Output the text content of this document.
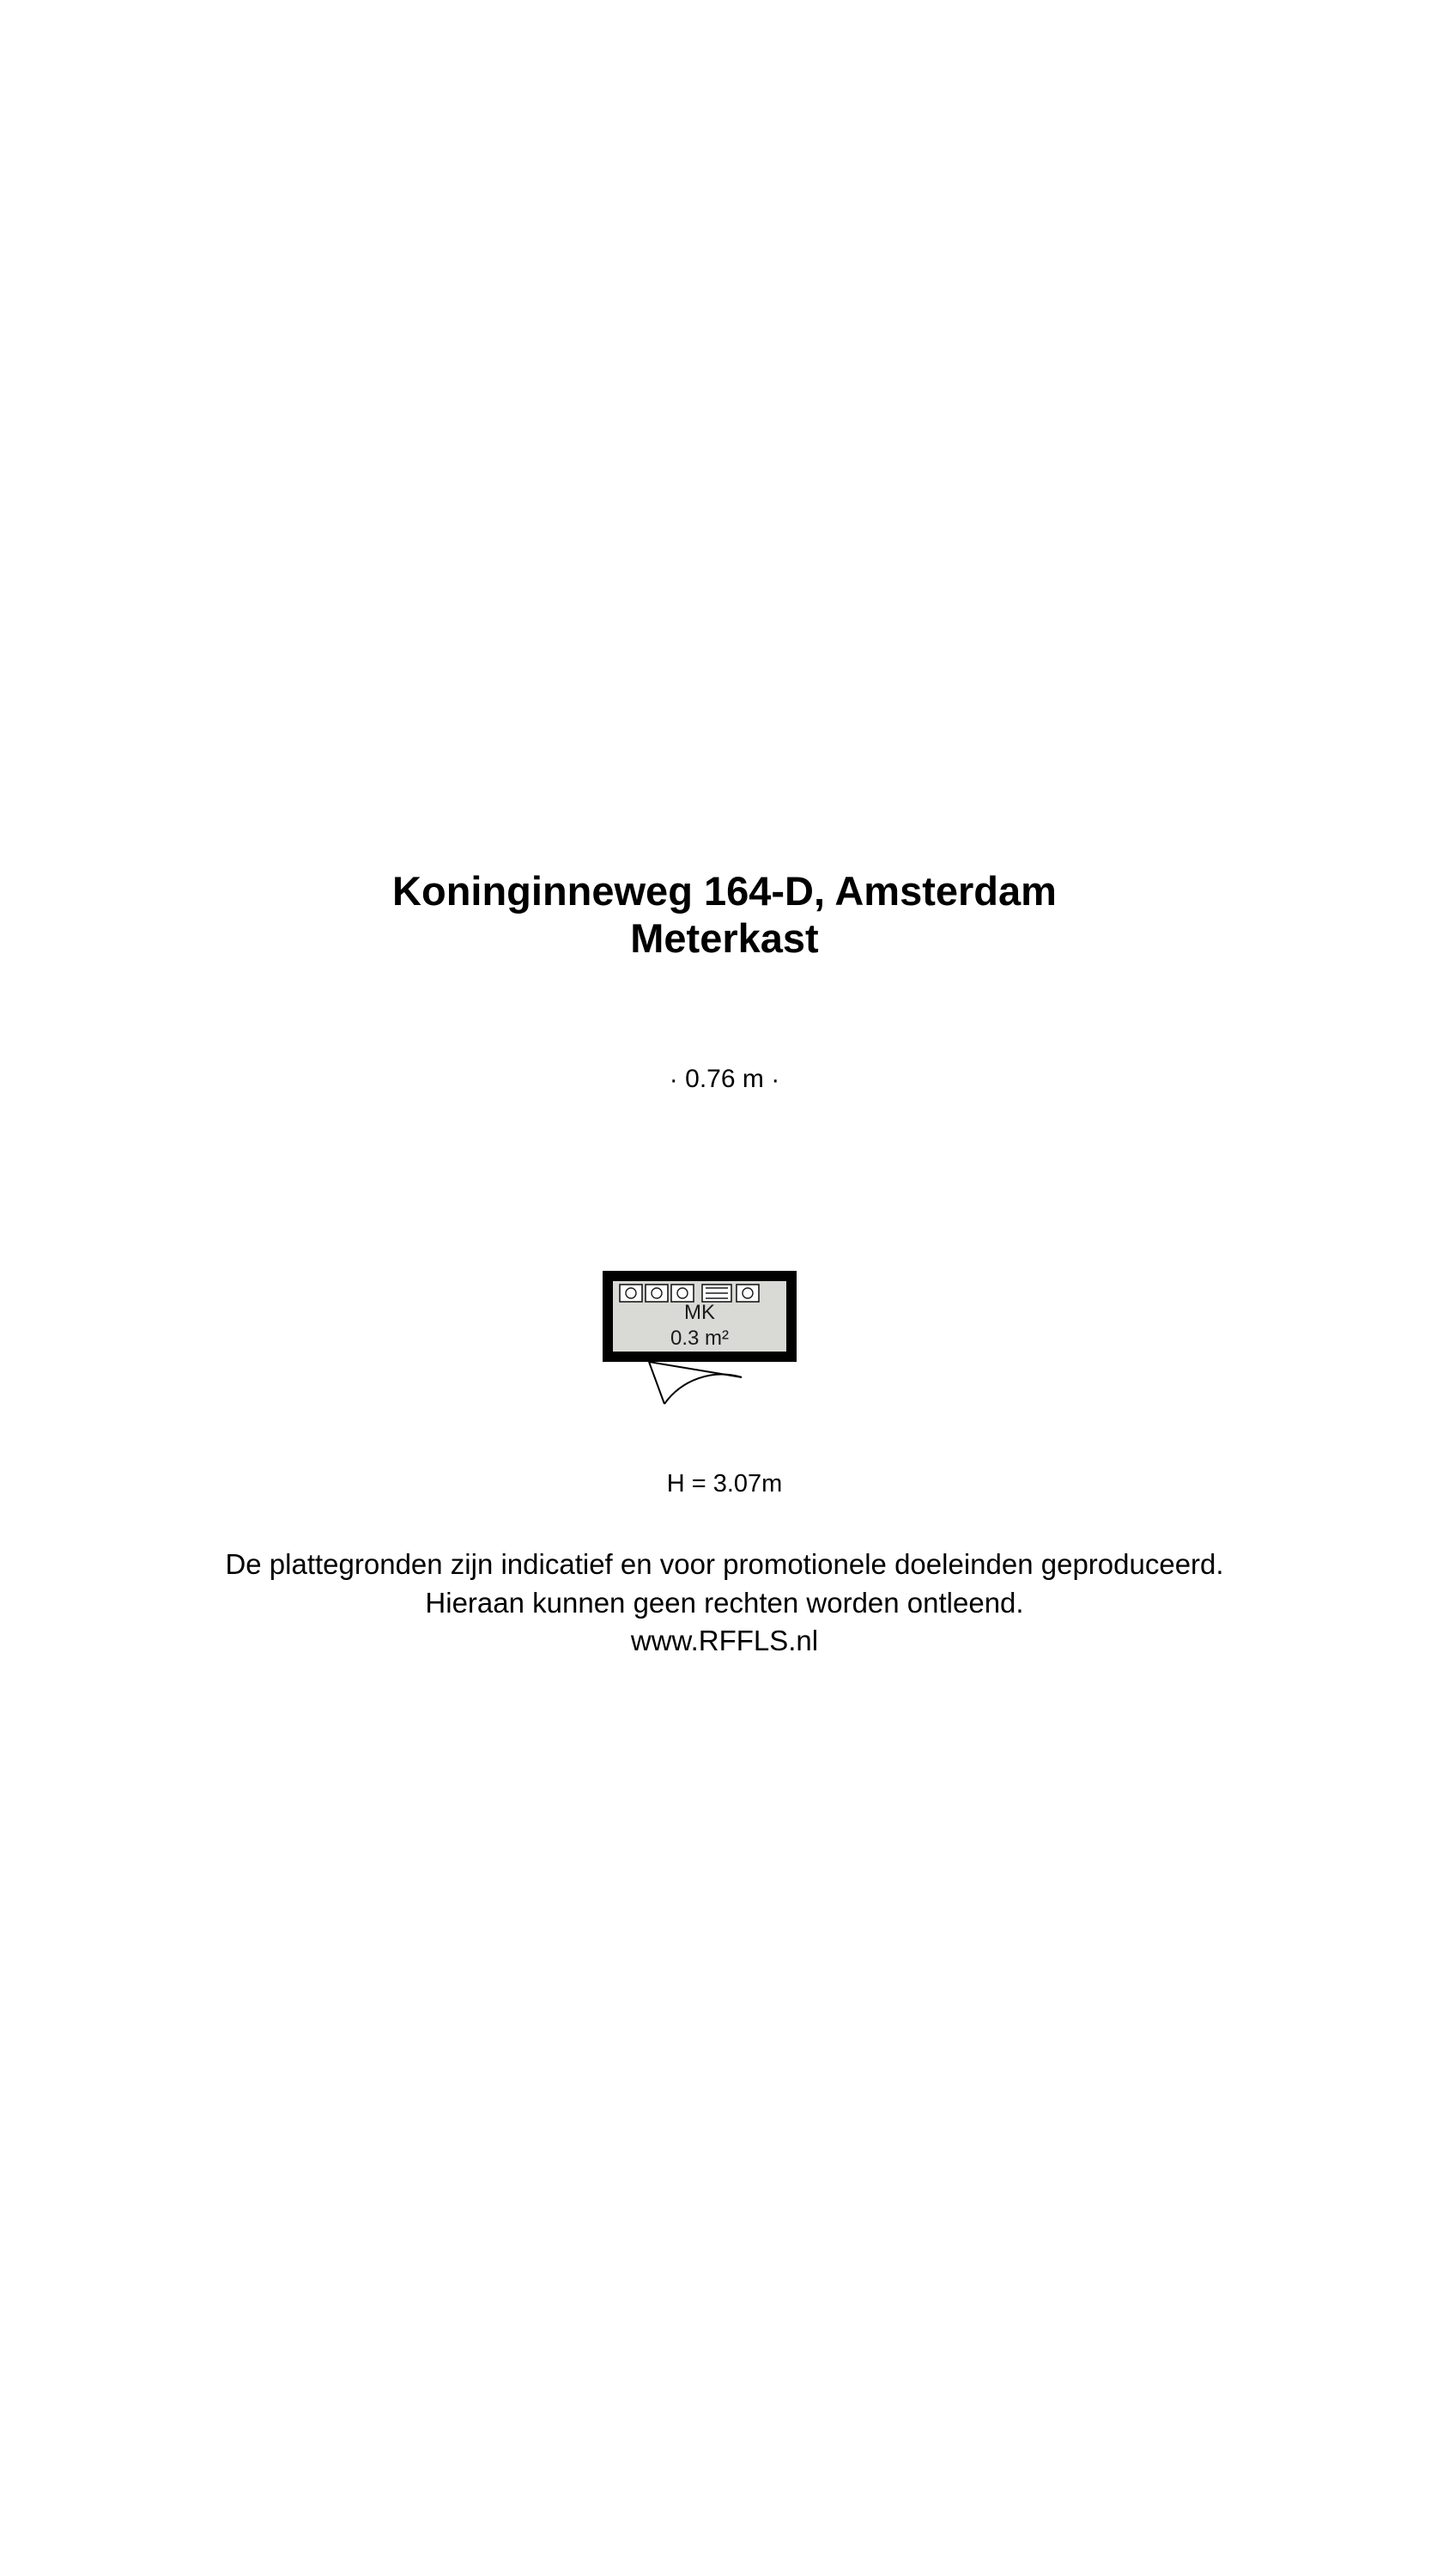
Koninginneweg 164-D, Amsterdam
Meterkast
· 0.76 m ·
MK
0.3 m²
H = 3.07m
De plattegronden zijn indicatief en voor promotionele doeleinden geproduceerd.
Hieraan kunnen geen rechten worden ontleend.
www.RFFLS.nl
